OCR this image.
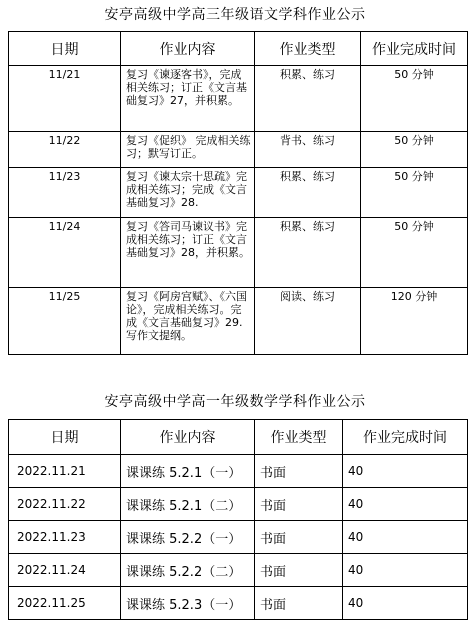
安亭高级中学高三年级语文学科作业公示
日期	作业内容	作业类型	作业完成时间
11/21	复习《谏逐客书》，完成相关练习；订正《文言基础复习》27，并积累。	积累、练习	50 分钟
11/22	复习《促织》 完成相关练习；默写订正。	背书、练习	50 分钟
11/23	复习《谏太宗十思疏》完成相关练习；完成《文言基础复习》28.	积累、练习	50 分钟
11/24	复习《答司马谏议书》完成相关练习；订正《文言基础复习》28，并积累。	积累、练习	50 分钟
11/25	复习《阿房宫赋》、《六国论》，完成相关练习。完成《文言基础复习》29.写作文提纲。	阅读、练习	120 分钟
安亭高级中学高一年级数学学科作业公示
日期	作业内容	作业类型	作业完成时间
2022.11.21	课课练 5.2.1（一）	书面	40
2022.11.22	课课练 5.2.1（二）	书面	40
2022.11.23	课课练 5.2.2（一）	书面	40
2022.11.24	课课练 5.2.2（二）	书面	40
2022.11.25	课课练 5.2.3（一）	书面	40
